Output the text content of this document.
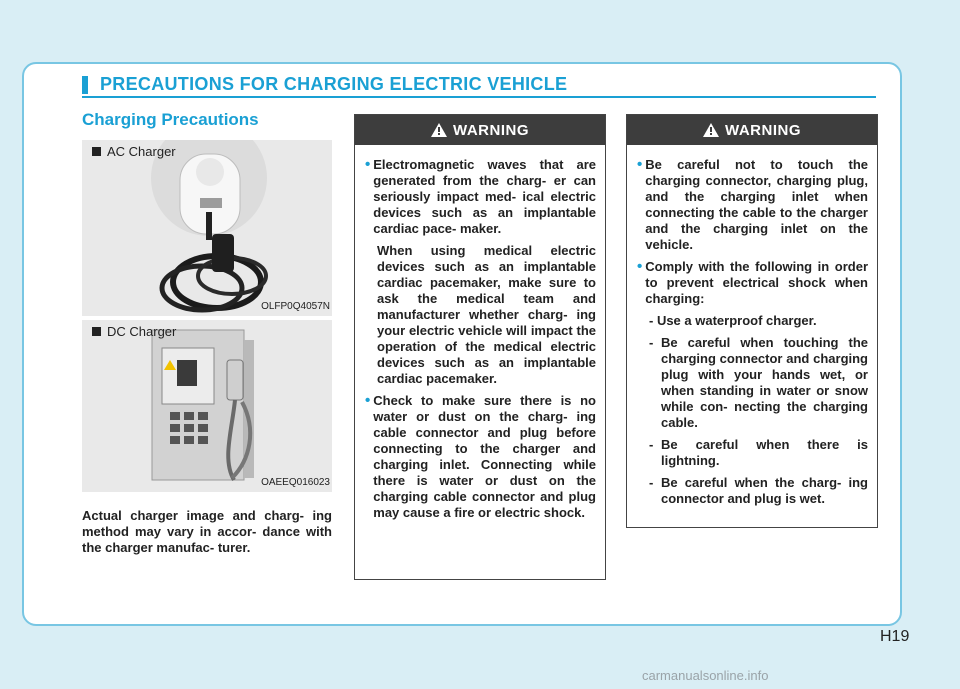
PRECAUTIONS FOR CHARGING ELECTRIC VEHICLE
Charging Precautions
AC Charger
OLFP0Q4057N
DC Charger
OAEEQ016023
Actual charger image and charg- ing method may vary in accor- dance with the charger manufac- turer.
WARNING
• Electromagnetic waves that are generated from the charg- er can seriously impact med- ical electric devices such as an implantable cardiac pace- maker.
When using medical electric devices such as an implantable cardiac pacemaker, make sure to ask the medical team and manufacturer whether charg- ing your electric vehicle will impact the operation of the medical electric devices such as an implantable cardiac pacemaker.
• Check to make sure there is no water or dust on the charg- ing cable connector and plug before connecting to the charger and charging inlet. Connecting while there is water or dust on the charging cable connector and plug may cause a fire or electric shock.
WARNING
• Be careful not to touch the charging connector, charging plug, and the charging inlet when connecting the cable to the charger and the charging inlet on the vehicle.
• Comply with the following in order to prevent electrical shock when charging:
- Use a waterproof charger.
- Be careful when touching the charging connector and charging plug with your hands wet, or when standing in water or snow while con- necting the charging cable.
- Be careful when there is lightning.
- Be careful when the charg- ing connector and plug is wet.
H19
carmanualsonline.info
